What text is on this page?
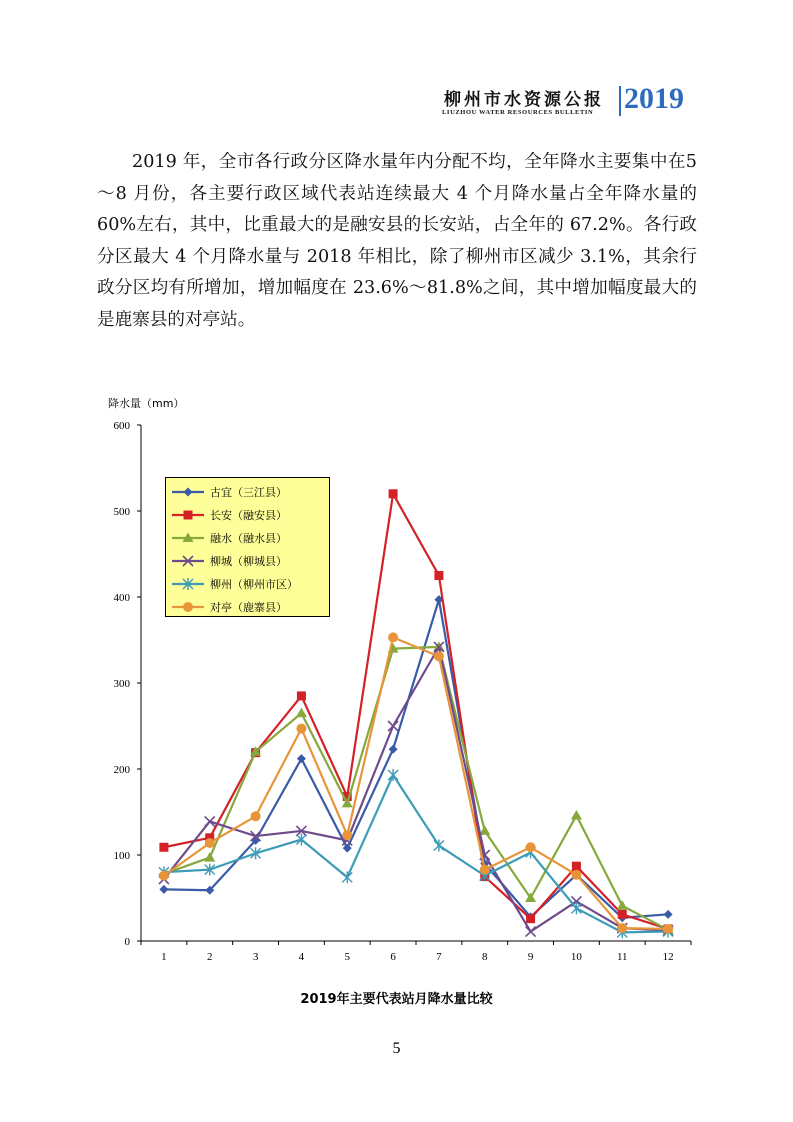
柳州市水资源公报
LIUZHOU WATER RESOURCES BULLETIN 2019
2019 年，全市各行政分区降水量年内分配不均，全年降水主要集中在5～8 月份，各主要行政区域代表站连续最大 4 个月降水量占全年降水量的60%左右，其中，比重最大的是融安县的长安站，占全年的 67.2%。各行政分区最大 4 个月降水量与 2018 年相比，除了柳州市区减少 3.1%，其余行政分区均有所增加，增加幅度在 23.6%～81.8%之间，其中增加幅度最大的是鹿寨县的对亭站。
降水量（mm）
0
100
200
300
400
500
600
1	2	3	4	5	6	7	8	9	10	11	12
古宜（三江县）
长安（融安县）
融水（融水县）
柳城（柳城县）
柳州（柳州市区）
对亭（鹿寨县）
2019年主要代表站月降水量比较
5
